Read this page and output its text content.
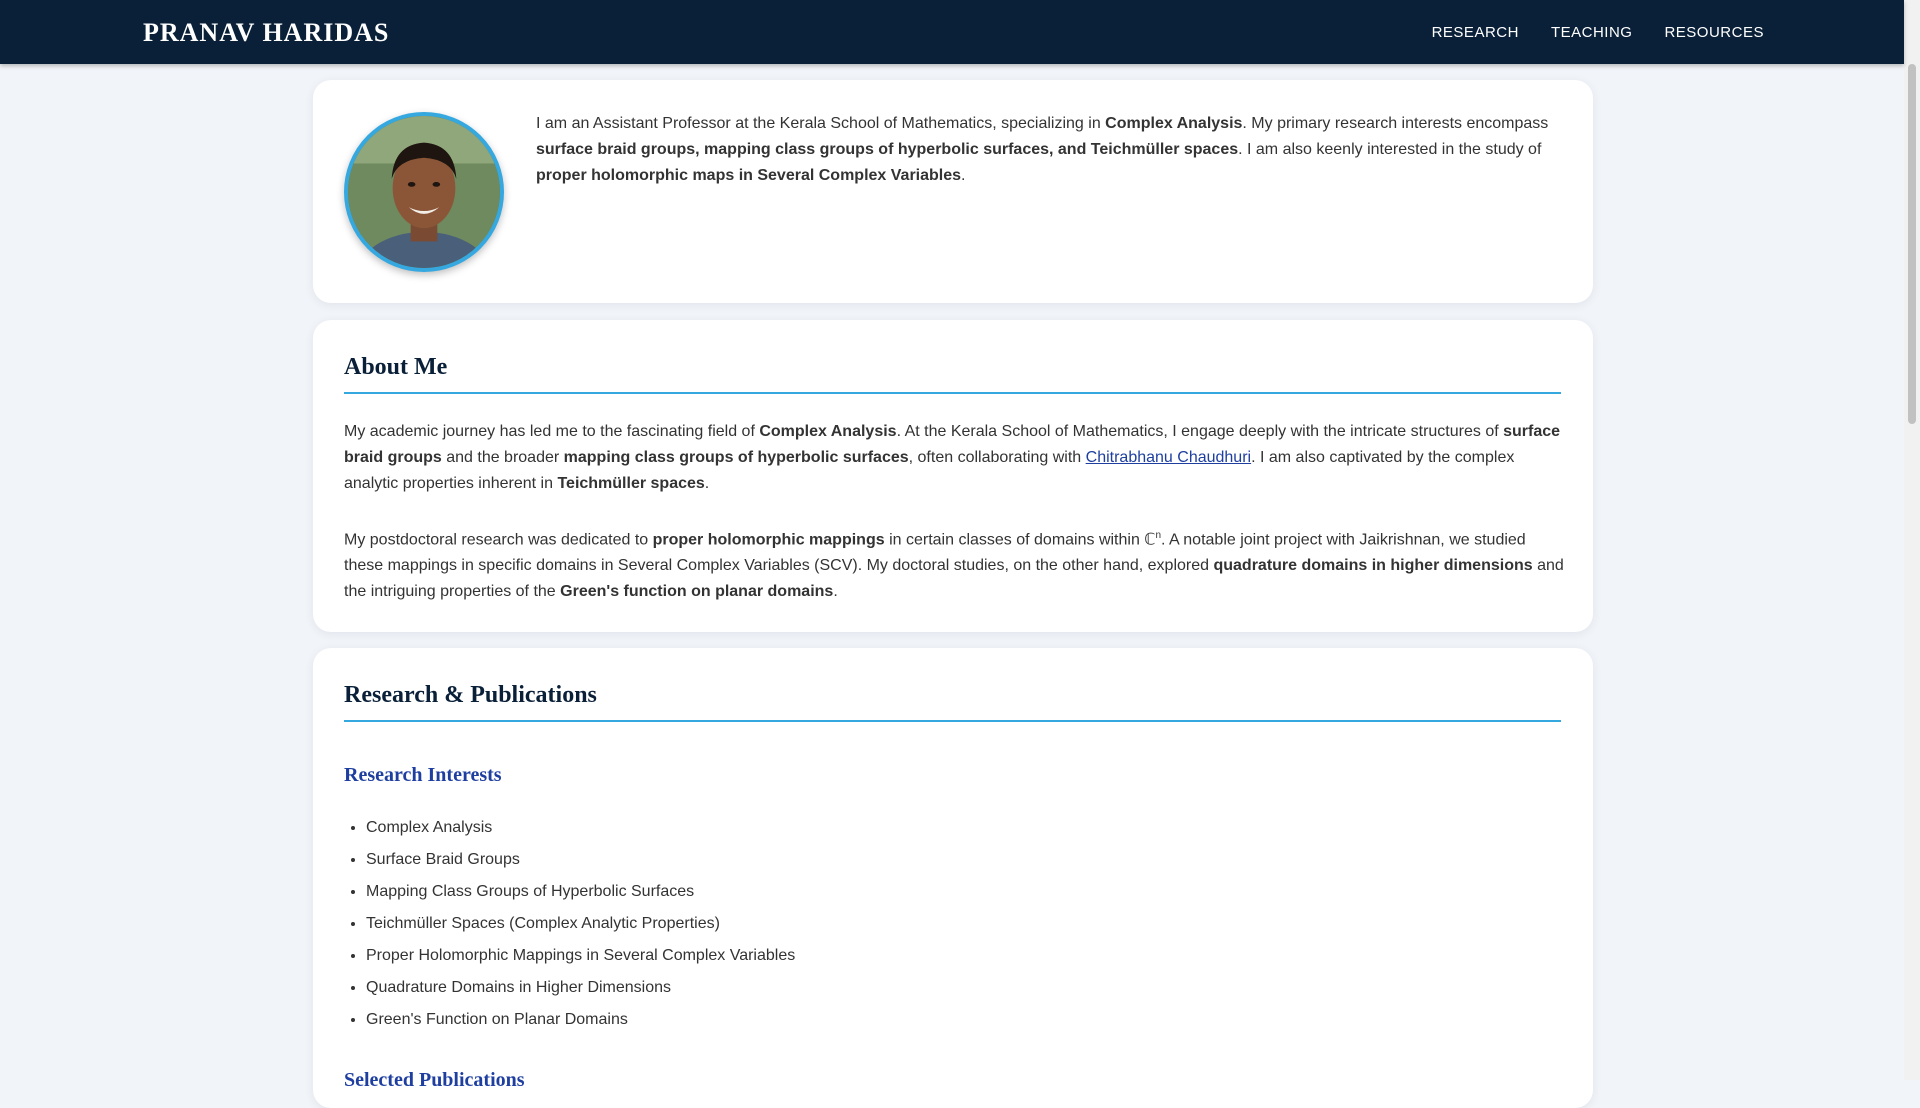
PRANAV HARIDAS	RESEARCH TEACHING RESOURCES

I am an Assistant Professor at the Kerala School of Mathematics, specializing in Complex Analysis. My primary research interests encompass surface braid groups, mapping class groups of hyperbolic surfaces, and Teichmüller spaces. I am also keenly interested in the study of proper holomorphic maps in Several Complex Variables.

About Me

My academic journey has led me to the fascinating field of Complex Analysis. At the Kerala School of Mathematics, I engage deeply with the intricate structures of surface braid groups and the broader mapping class groups of hyperbolic surfaces, often collaborating with Chitrabhanu Chaudhuri. I am also captivated by the complex analytic properties inherent in Teichmüller spaces.

My postdoctoral research was dedicated to proper holomorphic mappings in certain classes of domains within ℂ$^n$. A notable joint project with Jaikrishnan, we studied these mappings in specific domains in Several Complex Variables (SCV). My doctoral studies, on the other hand, explored quadrature domains in higher dimensions and the intriguing properties of the Green's function on planar domains.

Research & Publications
Research Interests
• Complex Analysis
• Surface Braid Groups
• Mapping Class Groups of Hyperbolic Surfaces
• Teichmüller Spaces (Complex Analytic Properties)
• Proper Holomorphic Mappings in Several Complex Variables
• Quadrature Domains in Higher Dimensions
• Green's Function on Planar Domains
Selected Publications
